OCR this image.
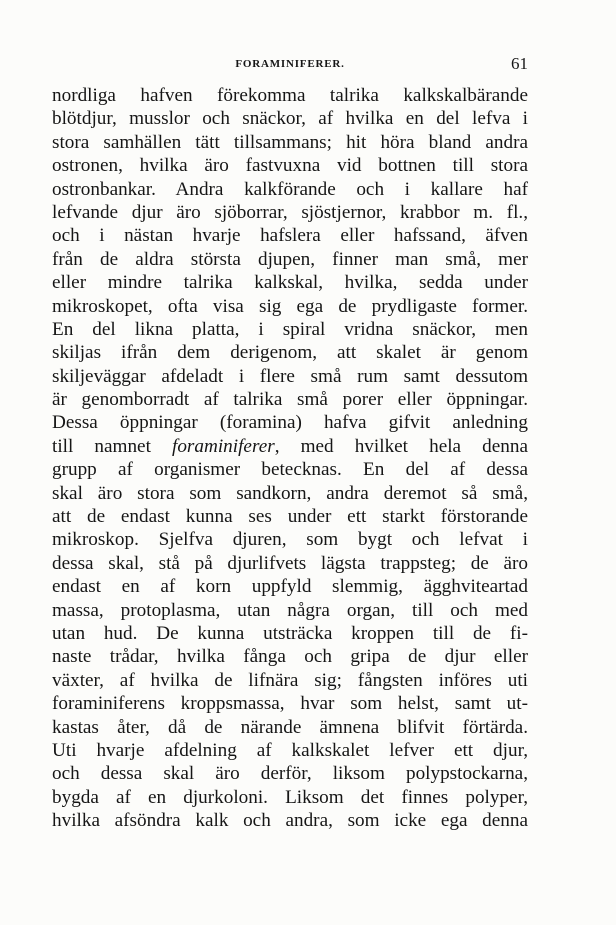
FORAMINIFERER.	61
nordliga hafven förekomma talrika kalkskalbärande
blötdjur, musslor och snäckor, af hvilka en del lefva i
stora samhällen tätt tillsammans; hit höra bland andra
ostronen, hvilka äro fastvuxna vid bottnen till stora
ostronbankar. Andra kalkförande och i kallare haf
lefvande djur äro sjöborrar, sjöstjernor, krabbor m. fl.,
och i nästan hvarje hafslera eller hafssand, äfven
från de aldra största djupen, finner man små, mer
eller mindre talrika kalkskal, hvilka, sedda under
mikroskopet, ofta visa sig ega de prydligaste former.
En del likna platta, i spiral vridna snäckor, men
skiljas ifrån dem derigenom, att skalet är genom
skiljeväggar afdeladt i flere små rum samt dessutom
är genomborradt af talrika små porer eller öppningar.
Dessa öppningar (foramina) hafva gifvit anledning
till namnet foraminiferer, med hvilket hela denna
grupp af organismer betecknas. En del af dessa
skal äro stora som sandkorn, andra deremot så små,
att de endast kunna ses under ett starkt förstorande
mikroskop. Sjelfva djuren, som bygt och lefvat i
dessa skal, stå på djurlifvets lägsta trappsteg; de äro
endast en af korn uppfyld slemmig, ägghviteartad
massa, protoplasma, utan några organ, till och med
utan hud. De kunna utsträcka kroppen till de fi-
naste trådar, hvilka fånga och gripa de djur eller
växter, af hvilka de lifnära sig; fångsten införes uti
foraminiferens kroppsmassa, hvar som helst, samt ut-
kastas åter, då de närande ämnena blifvit förtärda.
Uti hvarje afdelning af kalkskalet lefver ett djur,
och dessa skal äro derför, liksom polypstockarna,
bygda af en djurkoloni. Liksom det finnes polyper,
hvilka afsöndra kalk och andra, som icke ega denna
